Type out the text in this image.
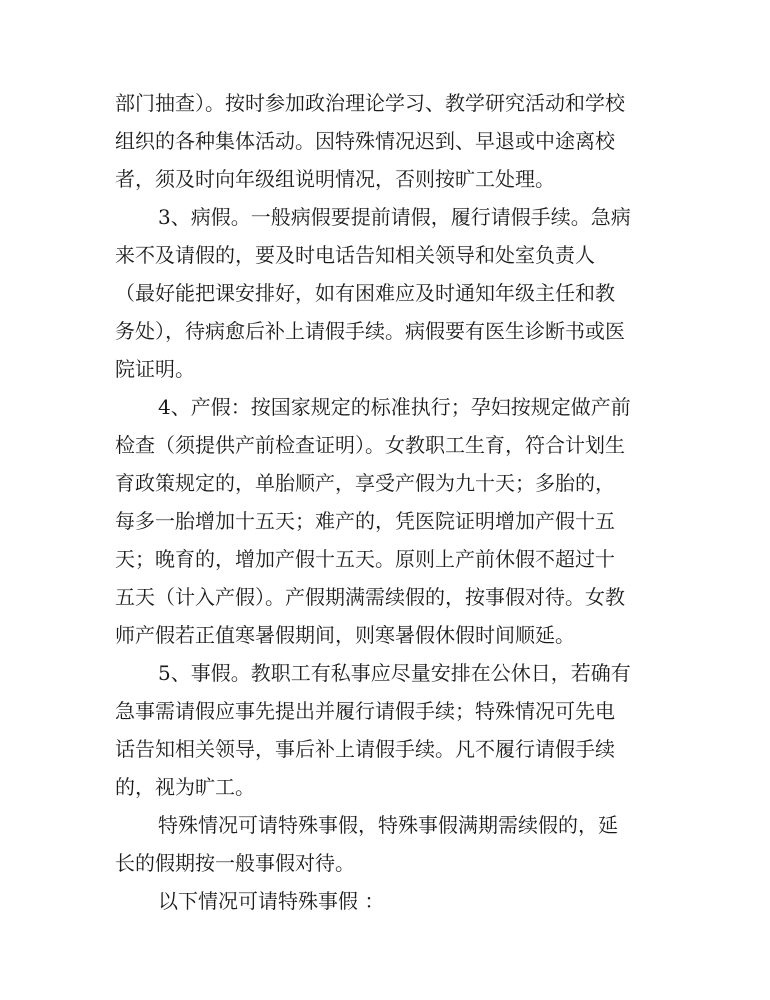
部门抽查）。按时参加政治理论学习、教学研究活动和学校
组织的各种集体活动。因特殊情况迟到、早退或中途离校
者，须及时向年级组说明情况，否则按旷工处理。
3、病假。一般病假要提前请假，履行请假手续。急病
来不及请假的，要及时电话告知相关领导和处室负责人
（最好能把课安排好，如有困难应及时通知年级主任和教
务处），待病愈后补上请假手续。病假要有医生诊断书或医
院证明。
4、产假：按国家规定的标准执行；孕妇按规定做产前
检查（须提供产前检查证明）。女教职工生育，符合计划生
育政策规定的，单胎顺产，享受产假为九十天；多胎的，
每多一胎增加十五天；难产的，凭医院证明增加产假十五
天；晚育的，增加产假十五天。原则上产前休假不超过十
五天（计入产假）。产假期满需续假的，按事假对待。女教
师产假若正值寒暑假期间，则寒暑假休假时间顺延。
5、事假。教职工有私事应尽量安排在公休日，若确有
急事需请假应事先提出并履行请假手续；特殊情况可先电
话告知相关领导，事后补上请假手续。凡不履行请假手续
的，视为旷工。
特殊情况可请特殊事假，特殊事假满期需续假的，延
长的假期按一般事假对待。
以下情况可请特殊事假 ：
